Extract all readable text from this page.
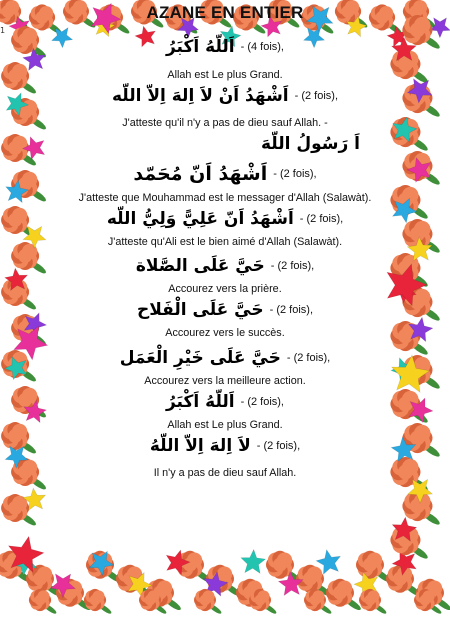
AZANE EN ENTIER
اَللّهُ اَكْبَرُ - (4 fois),
Allah est Le plus Grand.
اَشْهَدُ اَنْ لاَ اِلهَ اِلاّ اللّه - (2 fois),
J'atteste qu'il n'y a pas de dieu sauf Allah. -
اَ رَسُولُ اللّهَ
اَشْهَدُ اَنّ مُحَمّد - (2 fois),
J'atteste que Mouhammad est le messager d'Allah (Salawàt).
اَشْهَدُ اَنّ عَلِيًّ وَلِيُّ اللّه - (2 fois),
J'atteste qu'Ali est le bien aimé d'Allah (Salawàt).
حَيَّ عَلَى الصَّلاة - (2 fois),
Accourez vers la prière.
حَيَّ عَلَى الْفَلاح - (2 fois),
Accourez vers le succès.
حَيَّ عَلَى خَيْرِ الْعَمَل - (2 fois),
Accourez vers la meilleure action.
اَللّهُ اَكْبَرُ - (2 fois),
Allah est Le plus Grand.
لاَ اِلهَ اِلاّ اللّهُ - (2 fois),
Il n'y a pas de dieu sauf Allah.
1
